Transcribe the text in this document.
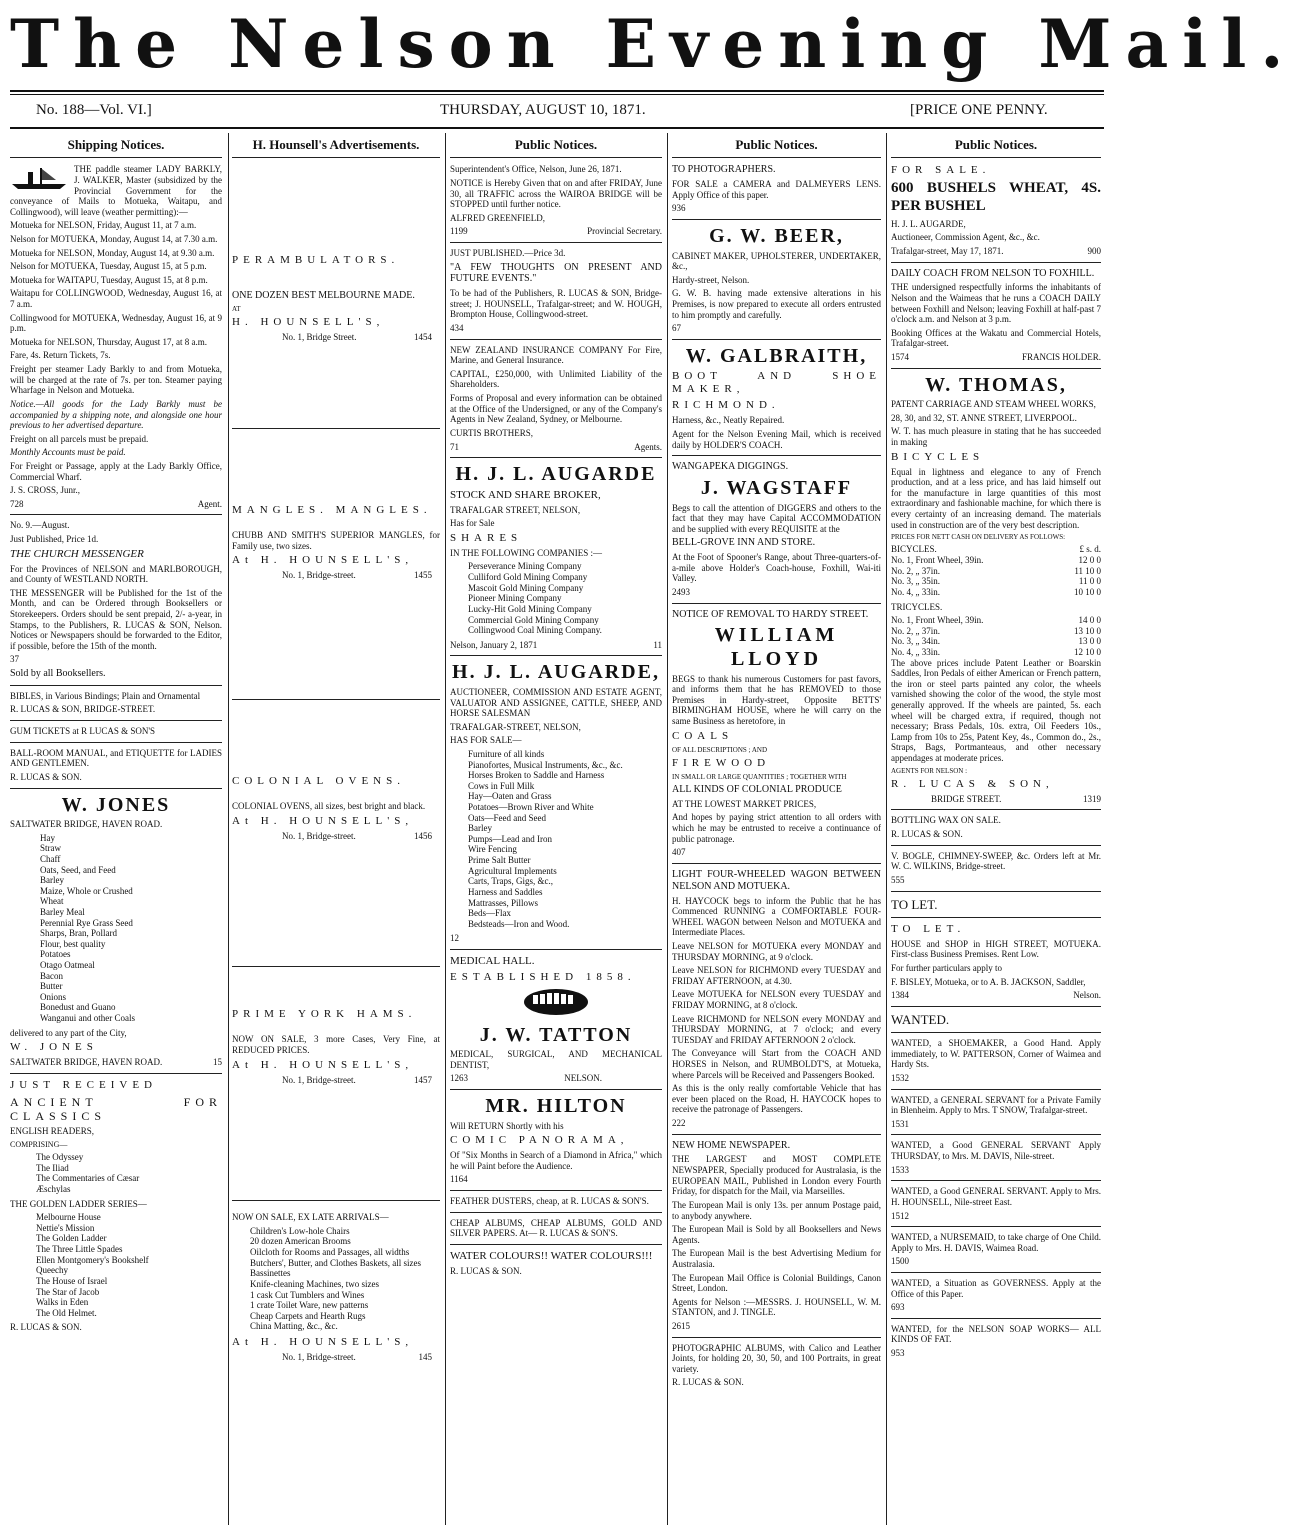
The Nelson Evening Mail.
No. 188—Vol. VI.]	THURSDAY, AUGUST 10, 1871.	[PRICE ONE PENNY.
Shipping Notices.

THE paddle steamer LADY BARKLY, J. WALKER, Master (subsidized by the Provincial Government for the conveyance of Mails to Motueka, Waitapu, and Collingwood), will leave (weather permitting):—

Motueka for NELSON, Friday, August 11, at 7 a.m.

Nelson for MOTUEKA, Monday, August 14, at 7.30 a.m.

Motueka for NELSON, Monday, August 14, at 9.30 a.m.

Nelson for MOTUEKA, Tuesday, August 15, at 5 p.m.

Motueka for WAITAPU, Tuesday, August 15, at 8 p.m.

Waitapu for COLLINGWOOD, Wednesday, August 16, at 7 a.m.

Collingwood for MOTUEKA, Wednesday, August 16, at 9 p.m.

Motueka for NELSON, Thursday, August 17, at 8 a.m.

Fare, 4s. Return Tickets, 7s.

Freight per steamer Lady Barkly to and from Motueka, will be charged at the rate of 7s. per ton. Steamer paying Wharfage in Nelson and Motueka.

Notice.—All goods for the Lady Barkly must be accompanied by a shipping note, and alongside one hour previous to her advertised departure.

Freight on all parcels must be prepaid.

Monthly Accounts must be paid.

For Freight or Passage, apply at the Lady Barkly Office, Commercial Wharf.

J. S. CROSS, Junr.,

728	Agent.

No. 9.—August.

Just Published, Price 1d.

THE CHURCH MESSENGER

For the Provinces of NELSON and MARLBOROUGH, and County of WESTLAND NORTH.

THE MESSENGER will be Published for the 1st of the Month, and can be Ordered through Booksellers or Storekeepers. Orders should be sent prepaid, 2/- a-year, in Stamps, to the Publishers, R. LUCAS & SON, Nelson. Notices or Newspapers should be forwarded to the Editor, if possible, before the 15th of the month.

37

Sold by all Booksellers.

BIBLES, in Various Bindings; Plain and Ornamental

R. LUCAS & SON, BRIDGE-STREET.

GUM TICKETS at R LUCAS & SON'S

BALL-ROOM MANUAL, and ETIQUETTE for LADIES AND GENTLEMEN.

R. LUCAS & SON.

W. JONES

SALTWATER BRIDGE, HAVEN ROAD.

Hay
Straw
Chaff
Oats, Seed, and Feed
Barley
Maize, Whole or Crushed
Wheat
Barley Meal
Perennial Rye Grass Seed
Sharps, Bran, Pollard
Flour, best quality
Potatoes
Otago Oatmeal
Bacon
Butter
Onions
Bonedust and Guano
Wanganui and other Coals

delivered to any part of the City,

W. JONES

SALTWATER BRIDGE, HAVEN ROAD.	15

JUST RECEIVED

ANCIENT FOR CLASSICS

ENGLISH READERS,

COMPRISING—

The Odyssey
The Iliad
The Commentaries of Cæsar
Æschylas

THE GOLDEN LADDER SERIES—

Melbourne House
Nettie's Mission
The Golden Ladder
The Three Little Spades
Ellen Montgomery's Bookshelf
Queechy
The House of Israel
The Star of Jacob
Walks in Eden
The Old Helmet.

R. LUCAS & SON.

H. Hounsell's Advertisements.

PERAMBULATORS.

ONE DOZEN BEST MELBOURNE MADE.

AT

H. HOUNSELL'S,

No. 1, Bridge Street.	1454

MANGLES. MANGLES.

CHUBB AND SMITH'S SUPERIOR MANGLES, for Family use, two sizes.

At H. HOUNSELL'S,

No. 1, Bridge-street.	1455

COLONIAL OVENS.

COLONIAL OVENS, all sizes, best bright and black.

At H. HOUNSELL'S,

No. 1, Bridge-street.	1456

PRIME YORK HAMS.

NOW ON SALE, 3 more Cases, Very Fine, at REDUCED PRICES.

At H. HOUNSELL'S,

No. 1, Bridge-street.	1457

NOW ON SALE, EX LATE ARRIVALS—

Children's Low-hole Chairs
20 dozen American Brooms
Oilcloth for Rooms and Passages, all widths
Butchers', Butter, and Clothes Baskets, all sizes
Bassinettes
Knife-cleaning Machines, two sizes
1 cask Cut Tumblers and Wines
1 crate Toilet Ware, new patterns
Cheap Carpets and Hearth Rugs
China Matting, &c., &c.

At H. HOUNSELL'S,

No. 1, Bridge-street.	145
Public Notices.

Superintendent's Office, Nelson, June 26, 1871.

NOTICE is Hereby Given that on and after FRIDAY, June 30, all TRAFFIC across the WAIROA BRIDGE will be STOPPED until further notice.

ALFRED GREENFIELD,

1199	Provincial Secretary.

JUST PUBLISHED.—Price 3d.

"A FEW THOUGHTS ON PRESENT AND FUTURE EVENTS."

To be had of the Publishers, R. LUCAS & SON, Bridge-street; J. HOUNSELL, Trafalgar-street; and W. HOUGH, Brompton House, Collingwood-street.

434

NEW ZEALAND INSURANCE COMPANY For Fire, Marine, and General Insurance.

CAPITAL, £250,000, with Unlimited Liability of the Shareholders.

Forms of Proposal and every information can be obtained at the Office of the Undersigned, or any of the Company's Agents in New Zealand, Sydney, or Melbourne.

CURTIS BROTHERS,

71	Agents.
H. J. L. AUGARDE

STOCK AND SHARE BROKER,

TRAFALGAR STREET, NELSON,

Has for Sale

SHARES

IN THE FOLLOWING COMPANIES :—

Perseverance Mining Company
Culliford Gold Mining Company
Mascoit Gold Mining Company
Pioneer Mining Company
Lucky-Hit Gold Mining Company
Commercial Gold Mining Company
Collingwood Coal Mining Company.
Nelson, January 2, 1871	11
H. J. L. AUGARDE,

AUCTIONEER, COMMISSION AND ESTATE AGENT, VALUATOR AND ASSIGNEE, CATTLE, SHEEP, AND HORSE SALESMAN

TRAFALGAR-STREET, NELSON,

HAS FOR SALE—

Furniture of all kinds
Pianofortes, Musical Instruments, &c., &c.
Horses Broken to Saddle and Harness
Cows in Full Milk
Hay—Oaten and Grass
Potatoes—Brown River and White
Oats—Feed and Seed
Barley
Pumps—Lead and Iron
Wire Fencing
Prime Salt Butter
Agricultural Implements
Carts, Traps, Gigs, &c.,
Harness and Saddles
Mattrasses, Pillows
Beds—Flax
Bedsteads—Iron and Wood.

12

MEDICAL HALL.

ESTABLISHED 1858.

J. W. TATTON

MEDICAL, SURGICAL, AND MECHANICAL DENTIST,

1263	NELSON.
MR. HILTON

Will RETURN Shortly with his

COMIC PANORAMA,

Of "Six Months in Search of a Diamond in Africa," which he will Paint before the Audience.

1164

FEATHER DUSTERS, cheap, at R. LUCAS & SON'S.

CHEAP ALBUMS, CHEAP ALBUMS, GOLD AND SILVER PAPERS. At— R. LUCAS & SON'S.

WATER COLOURS!! WATER COLOURS!!!

R. LUCAS & SON.

Public Notices.

TO PHOTOGRAPHERS.

FOR SALE a CAMERA and DALMEYERS LENS. Apply Office of this paper.

936

G. W. BEER,

CABINET MAKER, UPHOLSTERER, UNDERTAKER, &c.,

Hardy-street, Nelson.

G. W. B. having made extensive alterations in his Premises, is now prepared to execute all orders entrusted to him promptly and carefully.

67

W. GALBRAITH,

BOOT AND SHOE MAKER,

RICHMOND.

Harness, &c., Neatly Repaired.

Agent for the Nelson Evening Mail, which is received daily by HOLDER'S COACH.

WANGAPEKA DIGGINGS.

J. WAGSTAFF

Begs to call the attention of DIGGERS and others to the fact that they may have Capital ACCOMMODATION and be supplied with every REQUISITE at the

BELL-GROVE INN AND STORE.

At the Foot of Spooner's Range, about Three-quarters-of-a-mile above Holder's Coach-house, Foxhill, Wai-iti Valley.

2493

NOTICE OF REMOVAL TO HARDY STREET.

WILLIAM LLOYD

BEGS to thank his numerous Customers for past favors, and informs them that he has REMOVED to those Premises in Hardy-street, Opposite BETTS' BIRMINGHAM HOUSE, where he will carry on the same Business as heretofore, in

COALS

OF ALL DESCRIPTIONS ; AND

FIREWOOD

IN SMALL OR LARGE QUANTITIES ; TOGETHER WITH

ALL KINDS OF COLONIAL PRODUCE

AT THE LOWEST MARKET PRICES,

And hopes by paying strict attention to all orders with which he may be entrusted to receive a continuance of public patronage.

407

LIGHT FOUR-WHEELED WAGON BETWEEN NELSON AND MOTUEKA.

H. HAYCOCK begs to inform the Public that he has Commenced RUNNING a COMFORTABLE FOUR-WHEEL WAGON between Nelson and MOTUEKA and Intermediate Places.

Leave NELSON for MOTUEKA every MONDAY and THURSDAY MORNING, at 9 o'clock.

Leave NELSON for RICHMOND every TUESDAY and FRIDAY AFTERNOON, at 4.30.

Leave MOTUEKA for NELSON every TUESDAY and FRIDAY MORNING, at 8 o'clock.

Leave RICHMOND for NELSON every MONDAY and THURSDAY MORNING, at 7 o'clock; and every TUESDAY and FRIDAY AFTERNOON 2 o'clock.

The Conveyance will Start from the COACH AND HORSES in Nelson, and RUMBOLDT'S, at Motueka, where Parcels will be Received and Passengers Booked.

As this is the only really comfortable Vehicle that has ever been placed on the Road, H. HAYCOCK hopes to receive the patronage of Passengers.

222

NEW HOME NEWSPAPER.

THE LARGEST and MOST COMPLETE NEWSPAPER, Specially produced for Australasia, is the EUROPEAN MAIL, Published in London every Fourth Friday, for dispatch for the Mail, via Marseilles.

The European Mail is only 13s. per annum Postage paid, to anybody anywhere.

The European Mail is Sold by all Booksellers and News Agents.

The European Mail is the best Advertising Medium for Australasia.

The European Mail Office is Colonial Buildings, Canon Street, London.

Agents for Nelson :—MESSRS. J. HOUNSELL, W. M. STANTON, and J. TINGLE.

2615

PHOTOGRAPHIC ALBUMS, with Calico and Leather Joints, for holding 20, 30, 50, and 100 Portraits, in great variety.

R. LUCAS & SON.

Public Notices.

FOR SALE.

600 BUSHELS WHEAT, 4S. PER BUSHEL

H. J. L. AUGARDE,

Auctioneer, Commission Agent, &c., &c.

Trafalgar-street, May 17, 1871.	900

DAILY COACH FROM NELSON TO FOXHILL.

THE undersigned respectfully informs the inhabitants of Nelson and the Waimeas that he runs a COACH DAILY between Foxhill and Nelson; leaving Foxhill at half-past 7 o'clock a.m. and Nelson at 3 p.m.

Booking Offices at the Wakatu and Commercial Hotels, Trafalgar-street.

1574	FRANCIS HOLDER.
W. THOMAS,

PATENT CARRIAGE AND STEAM WHEEL WORKS,

28, 30, and 32, ST. ANNE STREET, LIVERPOOL.

W. T. has much pleasure in stating that he has succeeded in making

BICYCLES

Equal in lightness and elegance to any of French production, and at a less price, and has laid himself out for the manufacture in large quantities of this most extraordinary and fashionable machine, for which there is every certainty of an increasing demand. The materials used in construction are of the very best description.

PRICES FOR NETT CASH ON DELIVERY AS FOLLOWS:

BICYCLES.	£ s. d.
No. 1, Front Wheel, 39in.	12 0 0
No. 2, „ 37in.	11 10 0
No. 3, „ 35in.	11 0 0
No. 4, „ 33in.	10 10 0

TRICYCLES.

No. 1, Front Wheel, 39in.	14 0 0
No. 2, „ 37in.	13 10 0
No. 3, „ 34in.	13 0 0
No. 4, „ 33in.	12 10 0

The above prices include Patent Leather or Boarskin Saddles, Iron Pedals of either American or French pattern, the iron or steel parts painted any color, the wheels varnished showing the color of the wood, the style most generally approved. If the wheels are painted, 5s. each wheel will be charged extra, if required, though not necessary; Brass Pedals, 10s. extra, Oil Feeders 10s., Lamp from 10s to 25s, Patent Key, 4s., Common do., 2s., Straps, Bags, Portmanteaus, and other necessary appendages at moderate prices.

AGENTS FOR NELSON :

R. LUCAS & SON,

BRIDGE STREET.	1319

BOTTLING WAX ON SALE.

R. LUCAS & SON.

V. BOGLE, CHIMNEY-SWEEP, &c. Orders left at Mr. W. C. WILKINS, Bridge-street.

555

TO LET.

TO LET.

HOUSE and SHOP in HIGH STREET, MOTUEKA. First-class Business Premises. Rent Low.

For further particulars apply to

F. BISLEY, Motueka, or to A. B. JACKSON, Saddler,

1384	Nelson.

WANTED.

WANTED, a SHOEMAKER, a Good Hand. Apply immediately, to W. PATTERSON, Corner of Waimea and Hardy Sts.

1532

WANTED, a GENERAL SERVANT for a Private Family in Blenheim. Apply to Mrs. T SNOW, Trafalgar-street.

1531

WANTED, a Good GENERAL SERVANT Apply THURSDAY, to Mrs. M. DAVIS, Nile-street.

1533

WANTED, a Good GENERAL SERVANT. Apply to Mrs. H. HOUNSELL, Nile-street East.

1512

WANTED, a NURSEMAID, to take charge of One Child. Apply to Mrs. H. DAVIS, Waimea Road.

1500

WANTED, a Situation as GOVERNESS. Apply at the Office of this Paper.

693

WANTED, for the NELSON SOAP WORKS— ALL KINDS OF FAT.

953
